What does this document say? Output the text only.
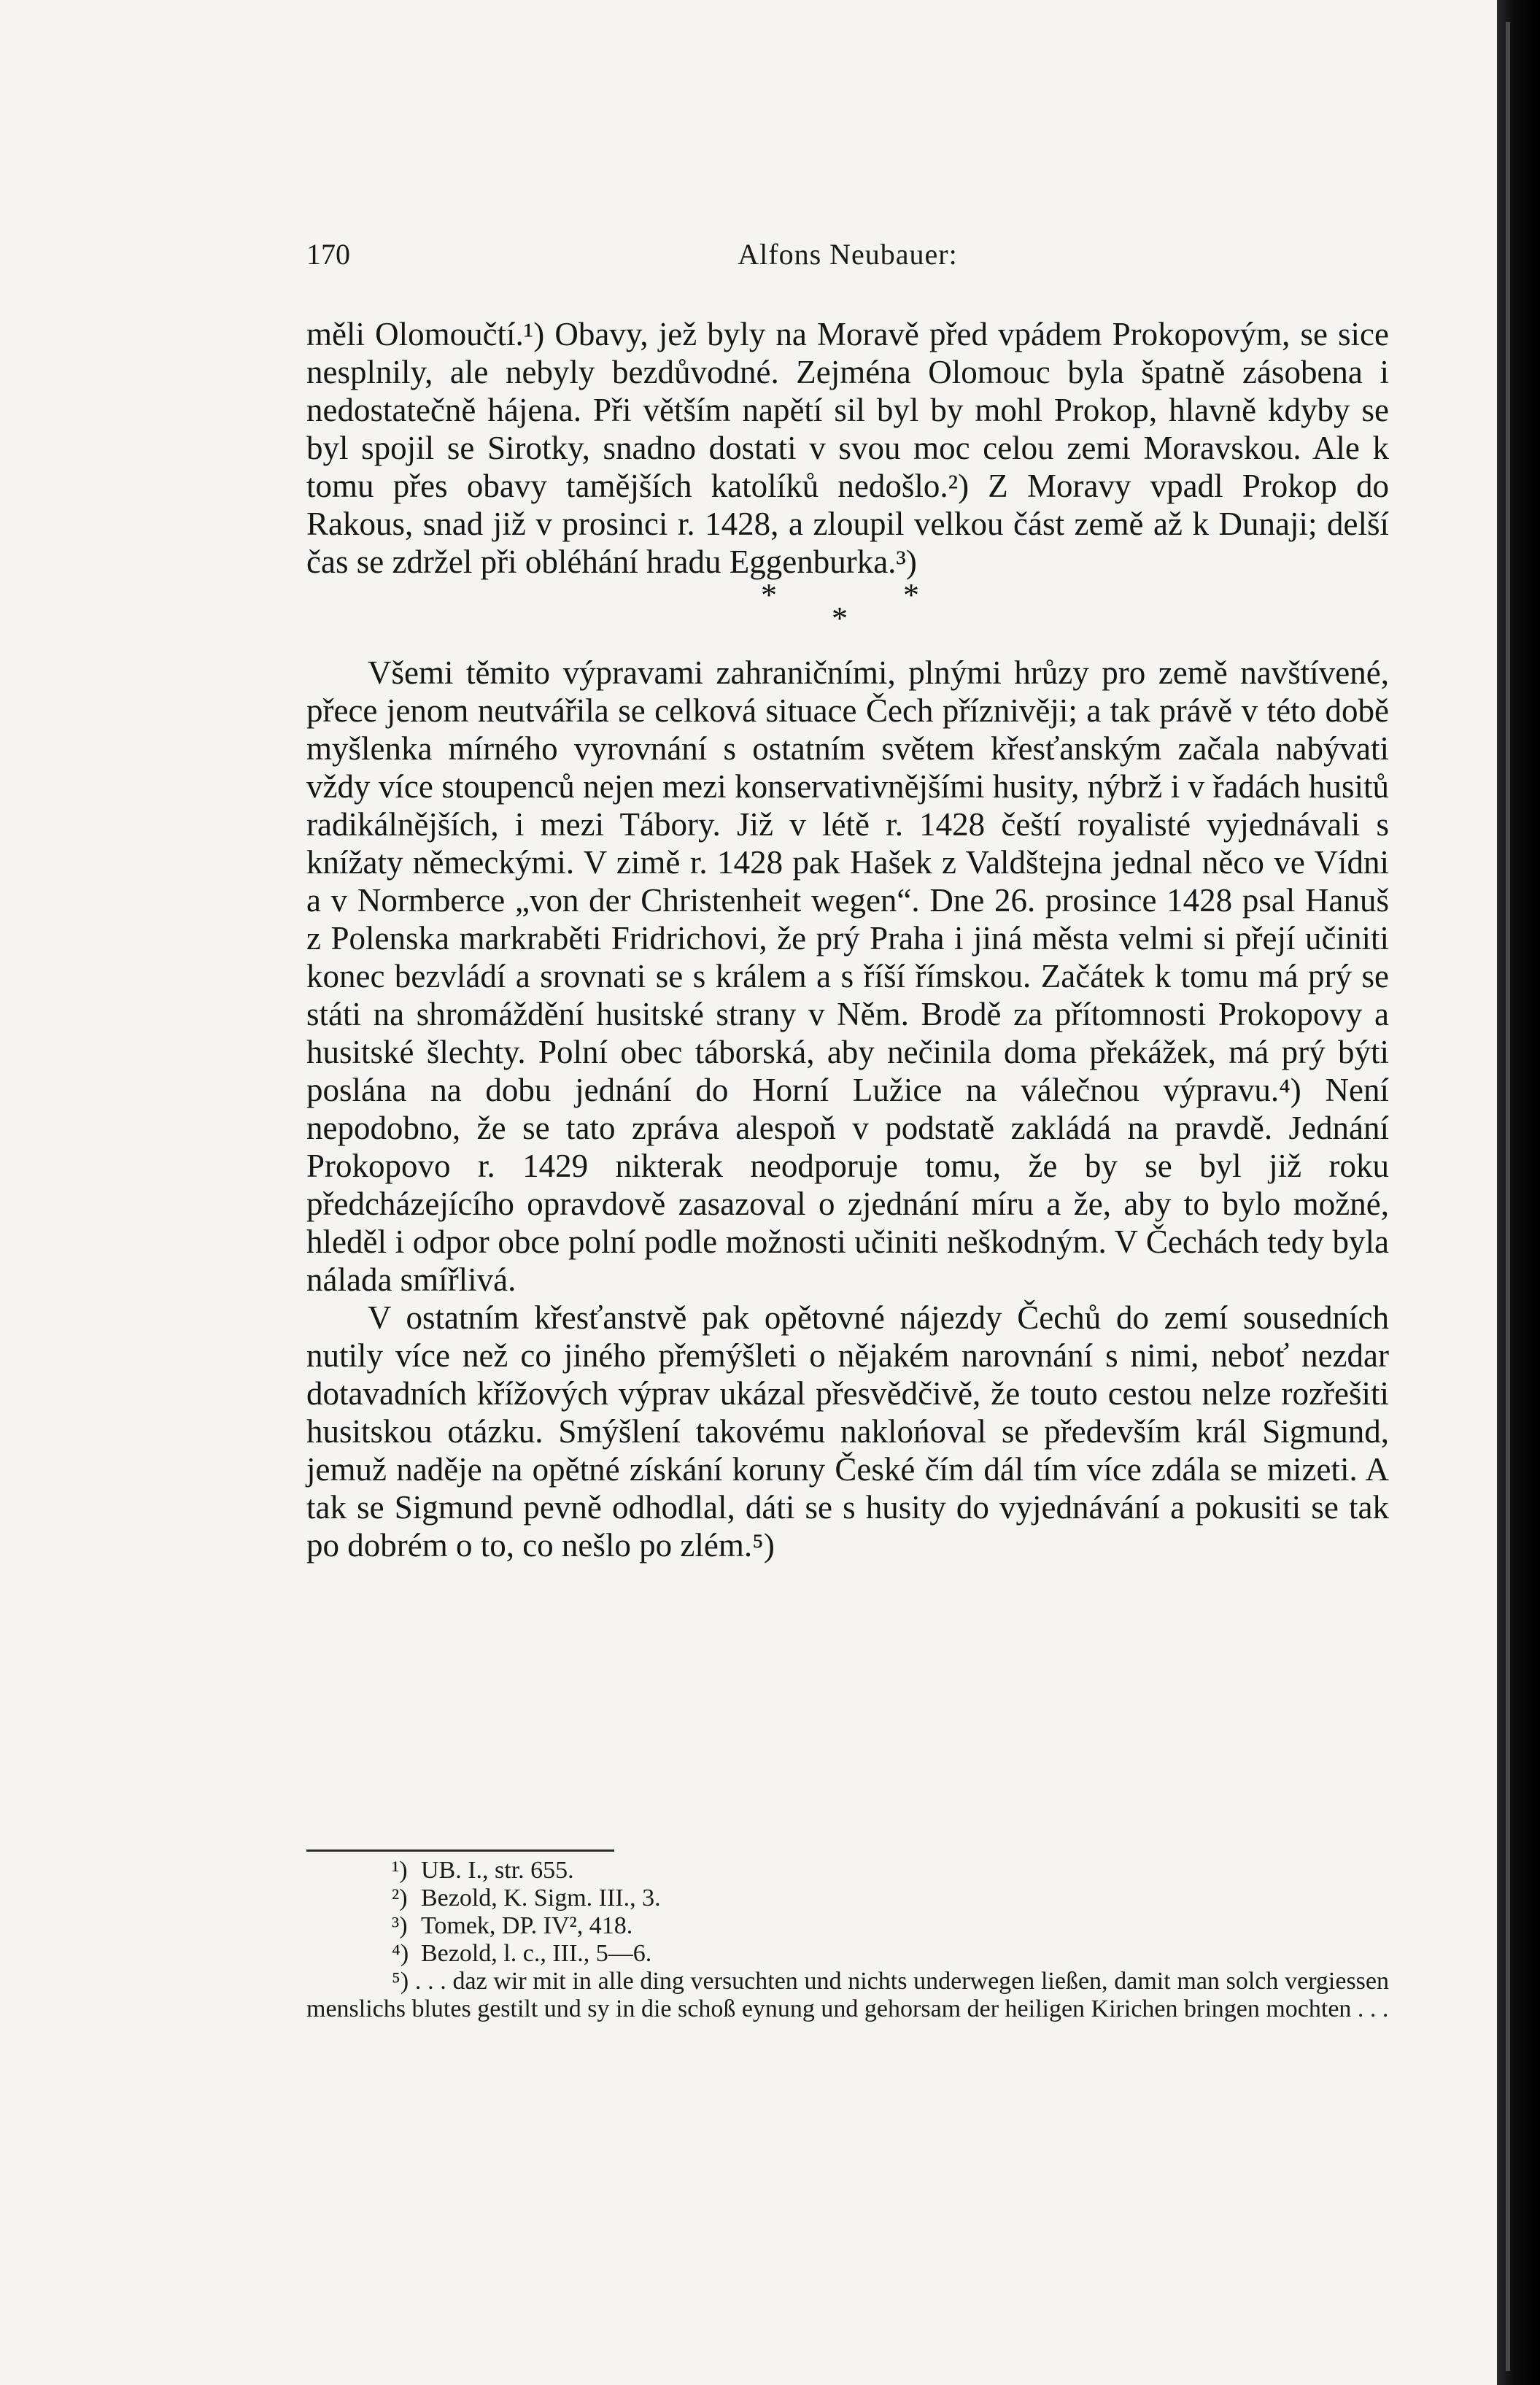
170	Alfons Neubauer:

měli Olomoučtí.¹) Obavy, jež byly na Moravě před vpádem Prokopovým, se sice nesplnily, ale nebyly bezdůvodné. Zejména Olomouc byla špatně zásobena i nedostatečně hájena. Při větším napětí sil byl by mohl Prokop, hlavně kdyby se byl spojil se Sirotky, snadno dostati v svou moc celou zemi Moravskou. Ale k tomu přes obavy tamějších katolíků nedošlo.²) Z Moravy vpadl Prokop do Rakous, snad již v prosinci r. 1428, a zloupil velkou část země až k Dunaji; delší čas se zdržel při obléhání hradu Eggenburka.³)

*
*
*

Všemi těmito výpravami zahraničními, plnými hrůzy pro země navštívené, přece jenom neutvářila se celková situace Čech příznivěji; a tak právě v této době myšlenka mírného vyrovnání s ostatním světem křesťanským začala nabývati vždy více stoupenců nejen mezi konservativnějšími husity, nýbrž i v řadách husitů radikálnějších, i mezi Tábory. Již v létě r. 1428 čeští royalisté vyjednávali s knížaty německými. V zimě r. 1428 pak Hašek z Valdštejna jednal něco ve Vídni a v Normberce „von der Christenheit wegen“. Dne 26. prosince 1428 psal Hanuš z Polenska markraběti Fridrichovi, že prý Praha i jiná města velmi si přejí učiniti konec bezvládí a srovnati se s králem a s říší římskou. Začátek k tomu má prý se státi na shromáždění husitské strany v Něm. Brodě za přítomnosti Prokopovy a husitské šlechty. Polní obec táborská, aby nečinila doma překážek, má prý býti poslána na dobu jednání do Horní Lužice na válečnou výpravu.⁴) Není nepodobno, že se tato zpráva alespoň v podstatě zakládá na pravdě. Jednání Prokopovo r. 1429 nikterak neodporuje tomu, že by se byl již roku předcházejícího opravdově zasazoval o zjednání míru a že, aby to bylo možné, hleděl i odpor obce polní podle možnosti učiniti neškodným. V Čechách tedy byla nálada smířlivá.

V ostatním křesťanstvě pak opětovné nájezdy Čechů do zemí sousedních nutily více než co jiného přemýšleti o nějakém narovnání s nimi, neboť nezdar dotavadních křížových výprav ukázal přesvědčivě, že touto cestou nelze rozřešiti husitskou otázku. Smýšlení takovému naklońoval se především král Sigmund, jemuž naděje na opětné získání koruny České čím dál tím více zdála se mizeti. A tak se Sigmund pevně odhodlal, dáti se s husity do vyjednávání a pokusiti se tak po dobrém o to, co nešlo po zlém.⁵)

¹) UB. I., str. 655.
²) Bezold, K. Sigm. III., 3.
³) Tomek, DP. IV², 418.
⁴) Bezold, l. c., III., 5—6.
⁵) . . . daz wir mit in alle ding versuchten und nichts underwegen ließen, damit man solch vergiessen menslichs blutes gestilt und sy in die schoß eynung und gehorsam der heiligen Kirichen bringen mochten . . .
